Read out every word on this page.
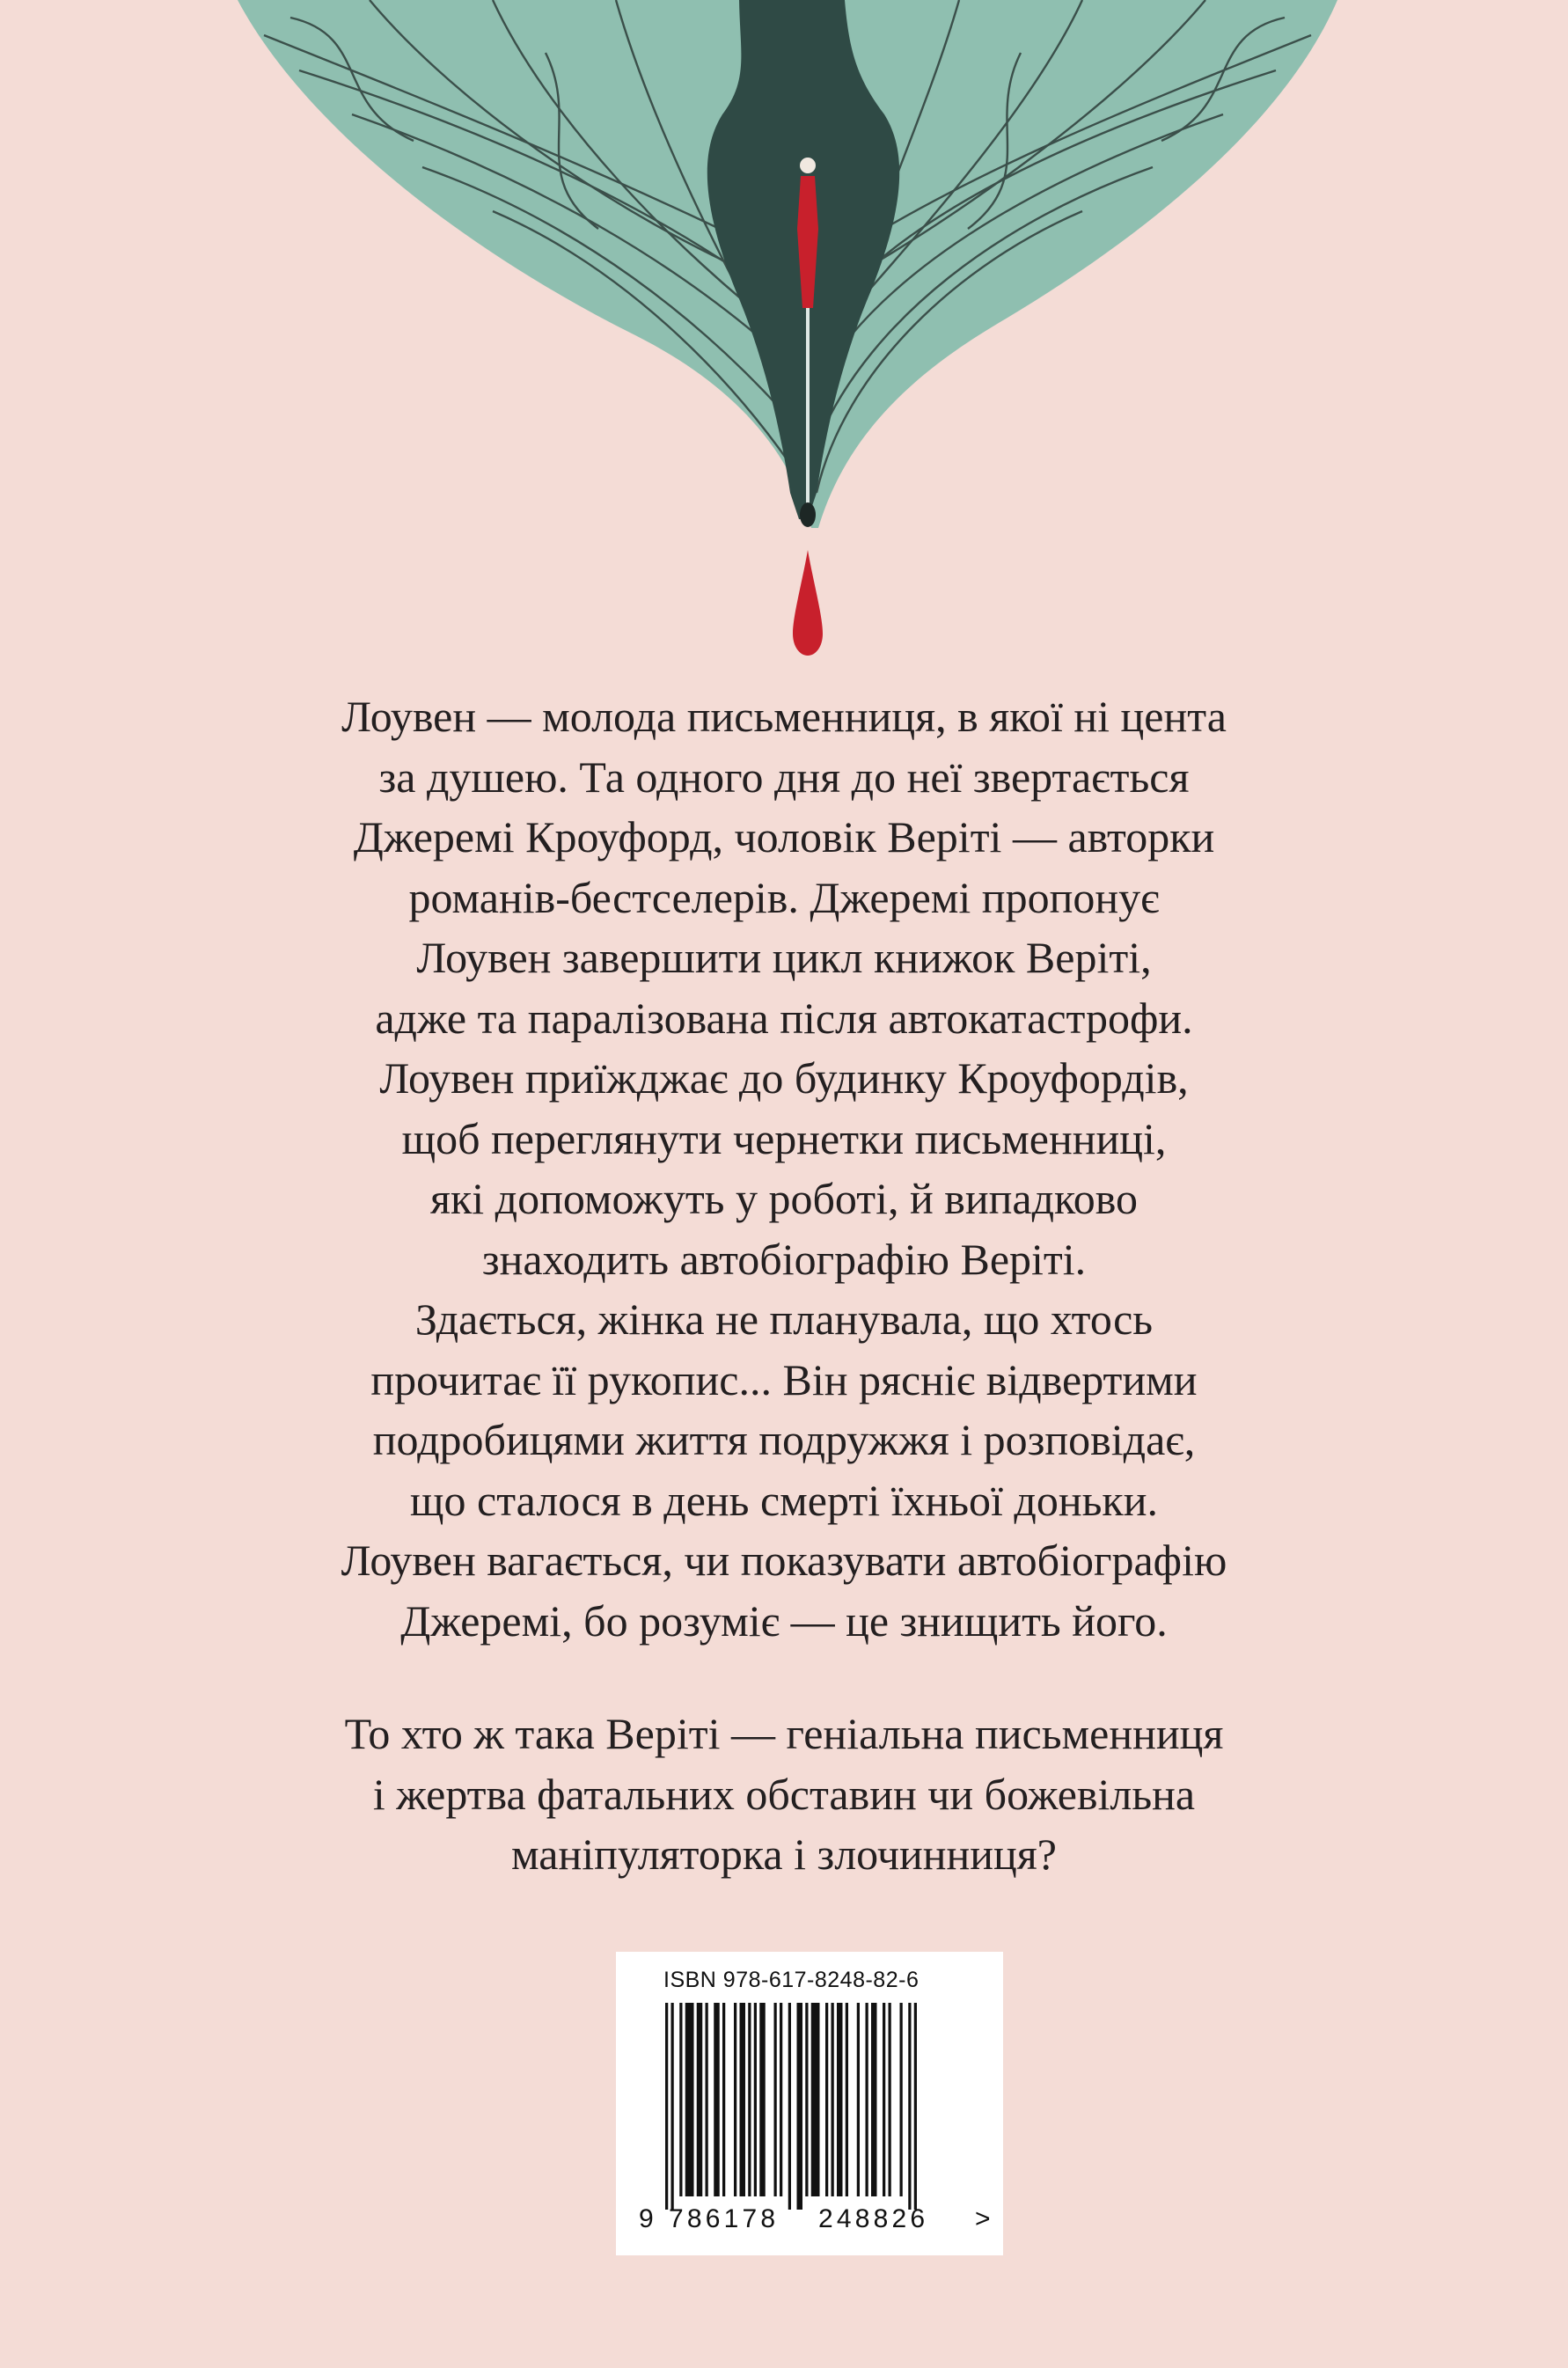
Лоувен — молода письменниця, в якої ні цента
за душею. Та одного дня до неї звертається
Джеремі Кроуфорд, чоловік Веріті — авторки
романів-бестселерів. Джеремі пропонує
Лоувен завершити цикл книжок Веріті,
адже та паралізована після автокатастрофи.
Лоувен приїжджає до будинку Кроуфордів,
щоб переглянути чернетки письменниці,
які допоможуть у роботі, й випадково
знаходить автобіографію Веріті.
Здається, жінка не планувала, що хтось
прочитає її рукопис... Він рясніє відвертими
подробицями життя подружжя і розповідає,
що сталося в день смерті їхньої доньки.
Лоувен вагається, чи показувати автобіографію
Джеремі, бо розуміє — це знищить його.

То хто ж така Веріті — геніальна письменниця
і жертва фатальних обставин чи божевільна
маніпуляторка і злочинниця?

ISBN 978-617-8248-82-6
9 786178 248826 >
